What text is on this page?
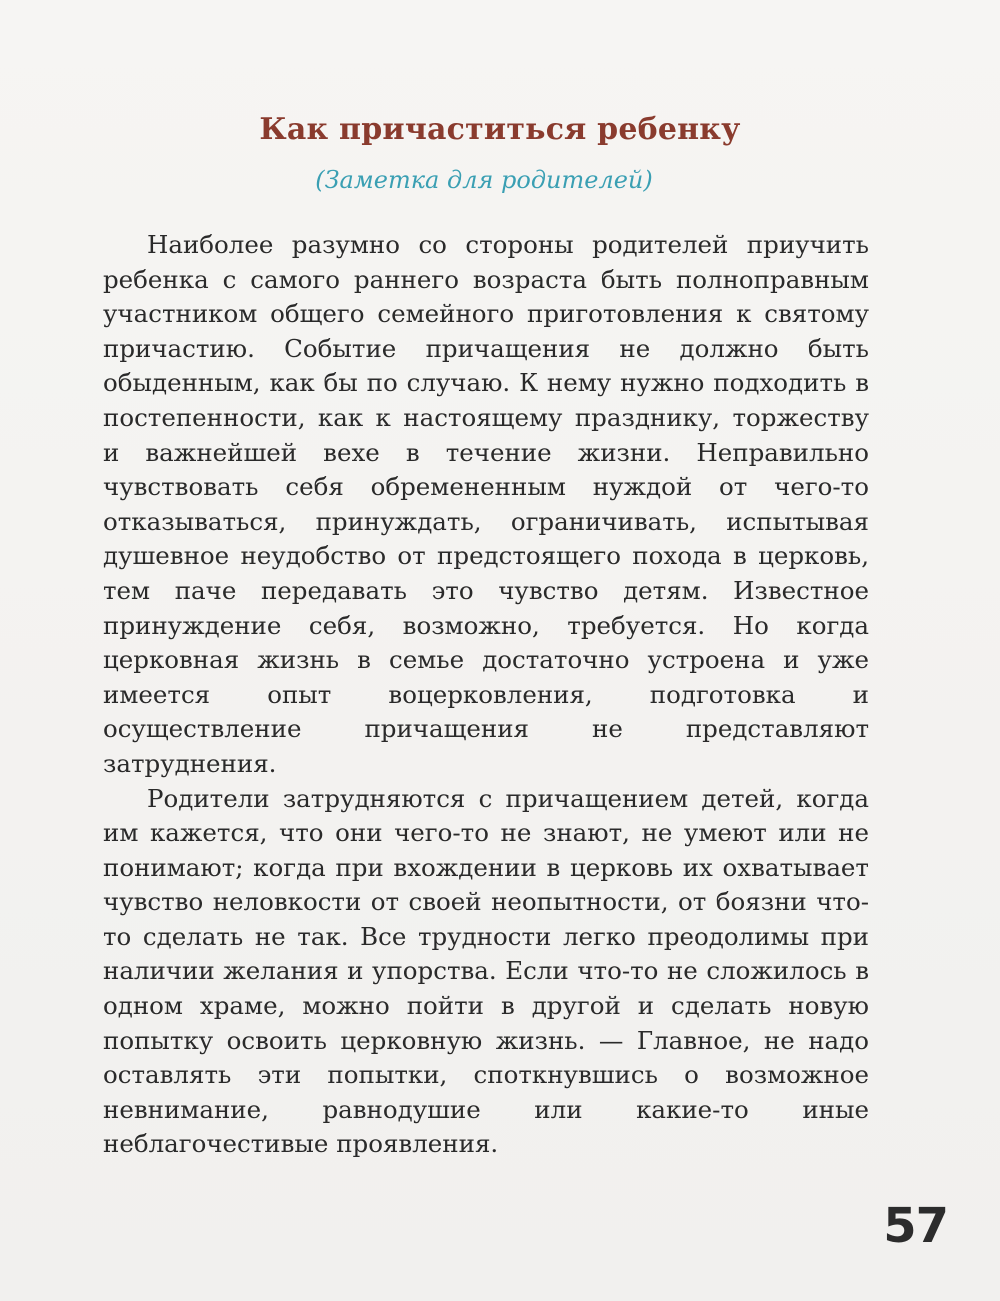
Как причаститься ребенку
(Заметка для родителей)

Наиболее разумно со стороны родителей приучить ребенка с самого раннего возраста быть полноправным участником общего семейного приготовления к святому причастию. Событие причащения не должно быть обыденным, как бы по случаю. К нему нужно подходить в постепенности, как к настоящему празднику, торжеству и важнейшей вехе в течение жизни. Неправильно чувствовать себя обремененным нуждой от чего-то отказываться, принуждать, ограничивать, испытывая душевное неудобство от предстоящего похода в церковь, тем паче передавать это чувство детям. Известное принуждение себя, возможно, требуется. Но когда церковная жизнь в семье достаточно устроена и уже имеется опыт воцерковления, подготовка и осуществление причащения не представляют затруднения.

Родители затрудняются с причащением детей, когда им кажется, что они чего-то не знают, не умеют или не понимают; когда при вхождении в церковь их охватывает чувство неловкости от своей неопытности, от боязни что-то сделать не так. Все трудности легко преодолимы при наличии желания и упорства. Если что-то не сложилось в одном храме, можно пойти в другой и сделать новую попытку освоить церковную жизнь. — Главное, не надо оставлять эти попытки, споткнувшись о возможное невнимание, равнодушие или какие-то иные неблагочестивые проявления.

57
